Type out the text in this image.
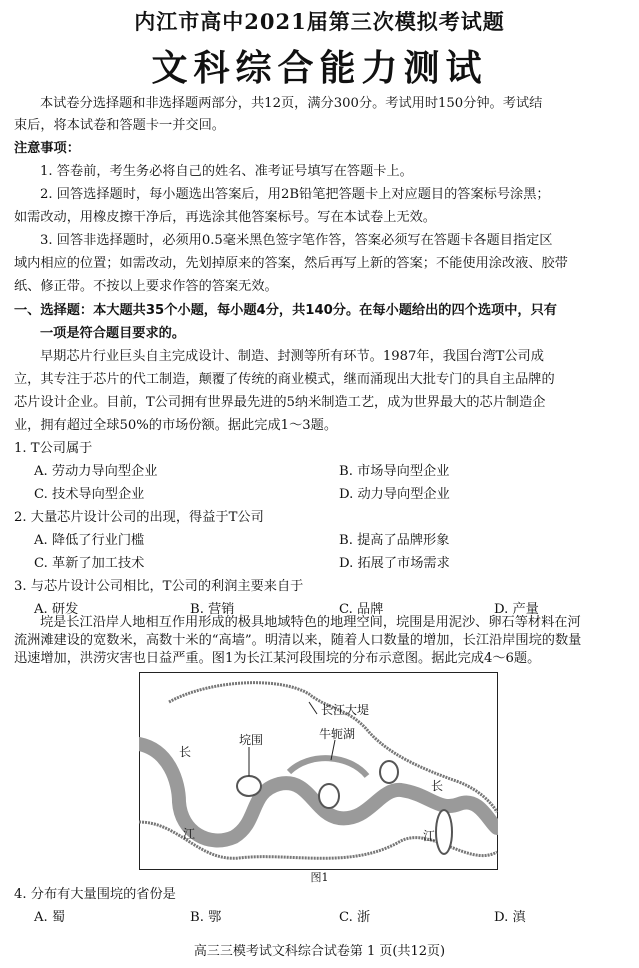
内江市高中2021届第三次模拟考试题
文科综合能力测试
本试卷分选择题和非选择题两部分，共12页，满分300分。考试用时150分钟。考试结
束后，将本试卷和答题卡一并交回。
注意事项：
1. 答卷前，考生务必将自己的姓名、准考证号填写在答题卡上。
2. 回答选择题时，每小题选出答案后，用2B铅笔把答题卡上对应题目的答案标号涂黑；
如需改动，用橡皮擦干净后，再选涂其他答案标号。写在本试卷上无效。
3. 回答非选择题时，必须用0.5毫米黑色签字笔作答，答案必须写在答题卡各题目指定区
域内相应的位置；如需改动，先划掉原来的答案，然后再写上新的答案；不能使用涂改液、胶带
纸、修正带。不按以上要求作答的答案无效。
一、选择题：本大题共35个小题，每小题4分，共140分。在每小题给出的四个选项中，只有
一项是符合题目要求的。
早期芯片行业巨头自主完成设计、制造、封测等所有环节。1987年，我国台湾T公司成
立，其专注于芯片的代工制造，颠覆了传统的商业模式，继而涌现出大批专门的具自主品牌的
芯片设计企业。目前，T公司拥有世界最先进的5纳米制造工艺，成为世界最大的芯片制造企
业，拥有超过全球50%的市场份额。据此完成1～3题。
1. T公司属于
A. 劳动力导向型企业	B. 市场导向型企业
C. 技术导向型企业	D. 动力导向型企业
2. 大量芯片设计公司的出现，得益于T公司
A. 降低了行业门槛	B. 提高了品牌形象
C. 革新了加工技术	D. 拓展了市场需求
3. 与芯片设计公司相比，T公司的利润主要来自于
A. 研发	B. 营销	C. 品牌	D. 产量
长江大堤
垸围	牛轭湖
长
江
长
江
图1
4. 分布有大量围垸的省份是
A. 蜀	B. 鄂	C. 浙	D. 滇
高三三模考试文科综合试卷第 1 页(共12页)
垸是长江沿岸人地相互作用形成的极具地域特色的地理空间，垸围是用泥沙、卵石等材料在河
流洲滩建设的宽数米，高数十米的“高墙”。明清以来，随着人口数量的增加，长江沿岸围垸的数量
迅速增加，洪涝灾害也日益严重。图1为长江某河段围垸的分布示意图。据此完成4～6题。
